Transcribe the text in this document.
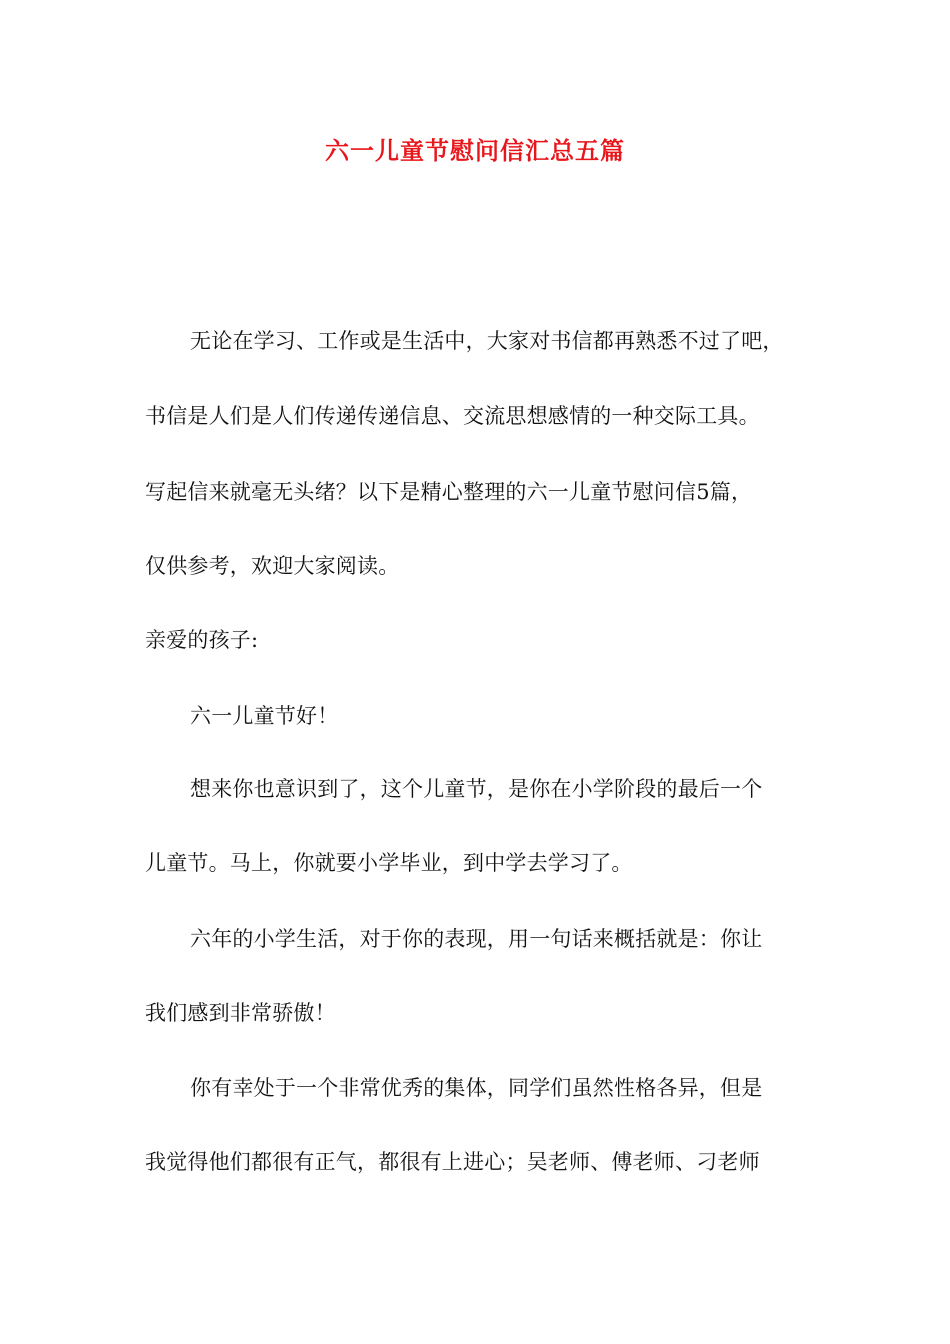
六一儿童节慰问信汇总五篇
无论在学习、工作或是生活中，大家对书信都再熟悉不过了吧，
书信是人们是人们传递传递信息、交流思想感情的一种交际工具。
写起信来就毫无头绪？以下是精心整理的六一儿童节慰问信5篇，
仅供参考，欢迎大家阅读。
亲爱的孩子:
六一儿童节好！
想来你也意识到了，这个儿童节，是你在小学阶段的最后一个
儿童节。马上，你就要小学毕业，到中学去学习了。
六年的小学生活，对于你的表现，用一句话来概括就是：你让
我们感到非常骄傲！
你有幸处于一个非常优秀的集体，同学们虽然性格各异，但是
我觉得他们都很有正气，都很有上进心；吴老师、傅老师、刁老师
